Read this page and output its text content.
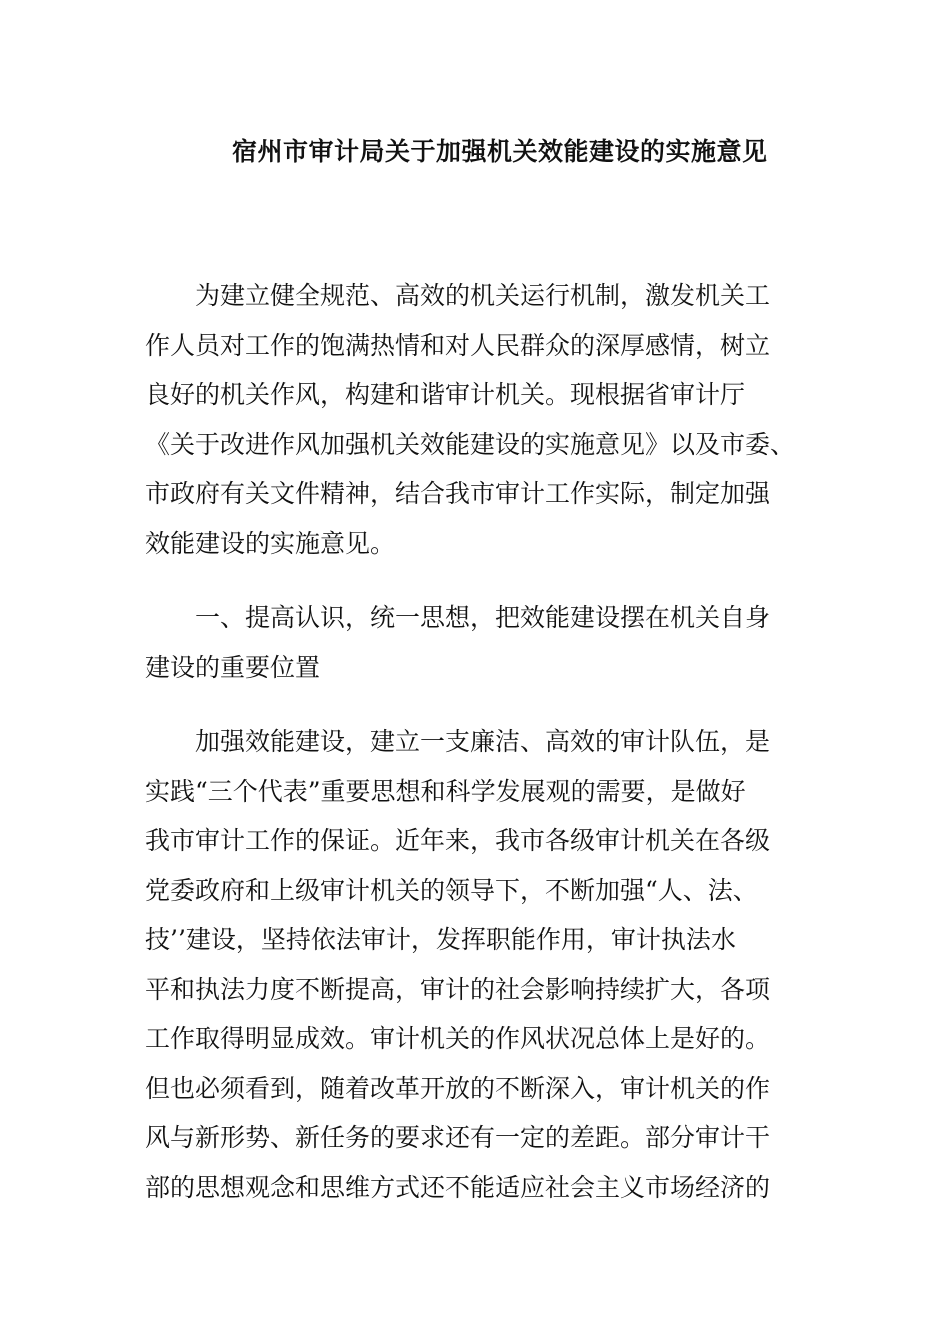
宿州市审计局关于加强机关效能建设的实施意见
为建立健全规范、高效的机关运行机制，激发机关工
作人员对工作的饱满热情和对人民群众的深厚感情，树立
良好的机关作风，构建和谐审计机关。现根据省审计厅
《关于改进作风加强机关效能建设的实施意见》以及市委、
市政府有关文件精神，结合我市审计工作实际，制定加强
效能建设的实施意见。
一、提高认识，统一思想，把效能建设摆在机关自身
建设的重要位置
加强效能建设，建立一支廉洁、高效的审计队伍，是
实践“三个代表”重要思想和科学发展观的需要，是做好
我市审计工作的保证。近年来，我市各级审计机关在各级
党委政府和上级审计机关的领导下，不断加强“人、法、
技’’建设，坚持依法审计，发挥职能作用，审计执法水
平和执法力度不断提高，审计的社会影响持续扩大，各项
工作取得明显成效。审计机关的作风状况总体上是好的。
但也必须看到，随着改革开放的不断深入，审计机关的作
风与新形势、新任务的要求还有一定的差距。部分审计干
部的思想观念和思维方式还不能适应社会主义市场经济的
